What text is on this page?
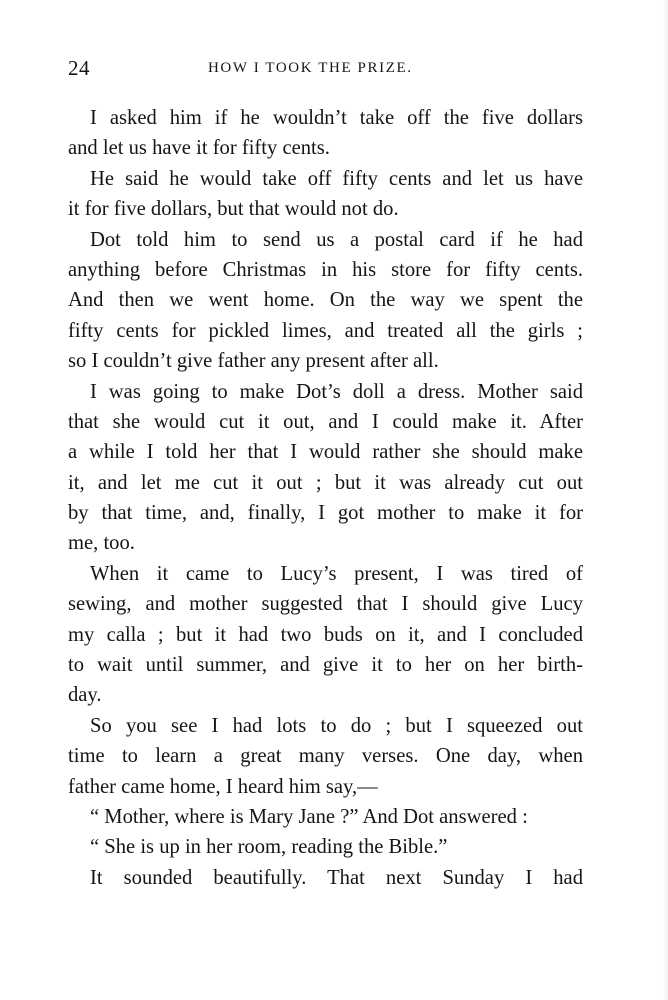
24	HOW I TOOK THE PRIZE.
I asked him if he wouldn’t take off the five dollars
and let us have it for fifty cents.
He said he would take off fifty cents and let us have
it for five dollars, but that would not do.
Dot told him to send us a postal card if he had
anything before Christmas in his store for fifty cents.
And then we went home. On the way we spent the
fifty cents for pickled limes, and treated all the girls ;
so I couldn’t give father any present after all.
I was going to make Dot’s doll a dress. Mother said
that she would cut it out, and I could make it. After
a while I told her that I would rather she should make
it, and let me cut it out ; but it was already cut out
by that time, and, finally, I got mother to make it for
me, too.
When it came to Lucy’s present, I was tired of
sewing, and mother suggested that I should give Lucy
my calla ; but it had two buds on it, and I concluded
to wait until summer, and give it to her on her birth-
day.
So you see I had lots to do ; but I squeezed out
time to learn a great many verses. One day, when
father came home, I heard him say,—
“ Mother, where is Mary Jane ?” And Dot answered :
“ She is up in her room, reading the Bible.”
It sounded beautifully. That next Sunday I had
